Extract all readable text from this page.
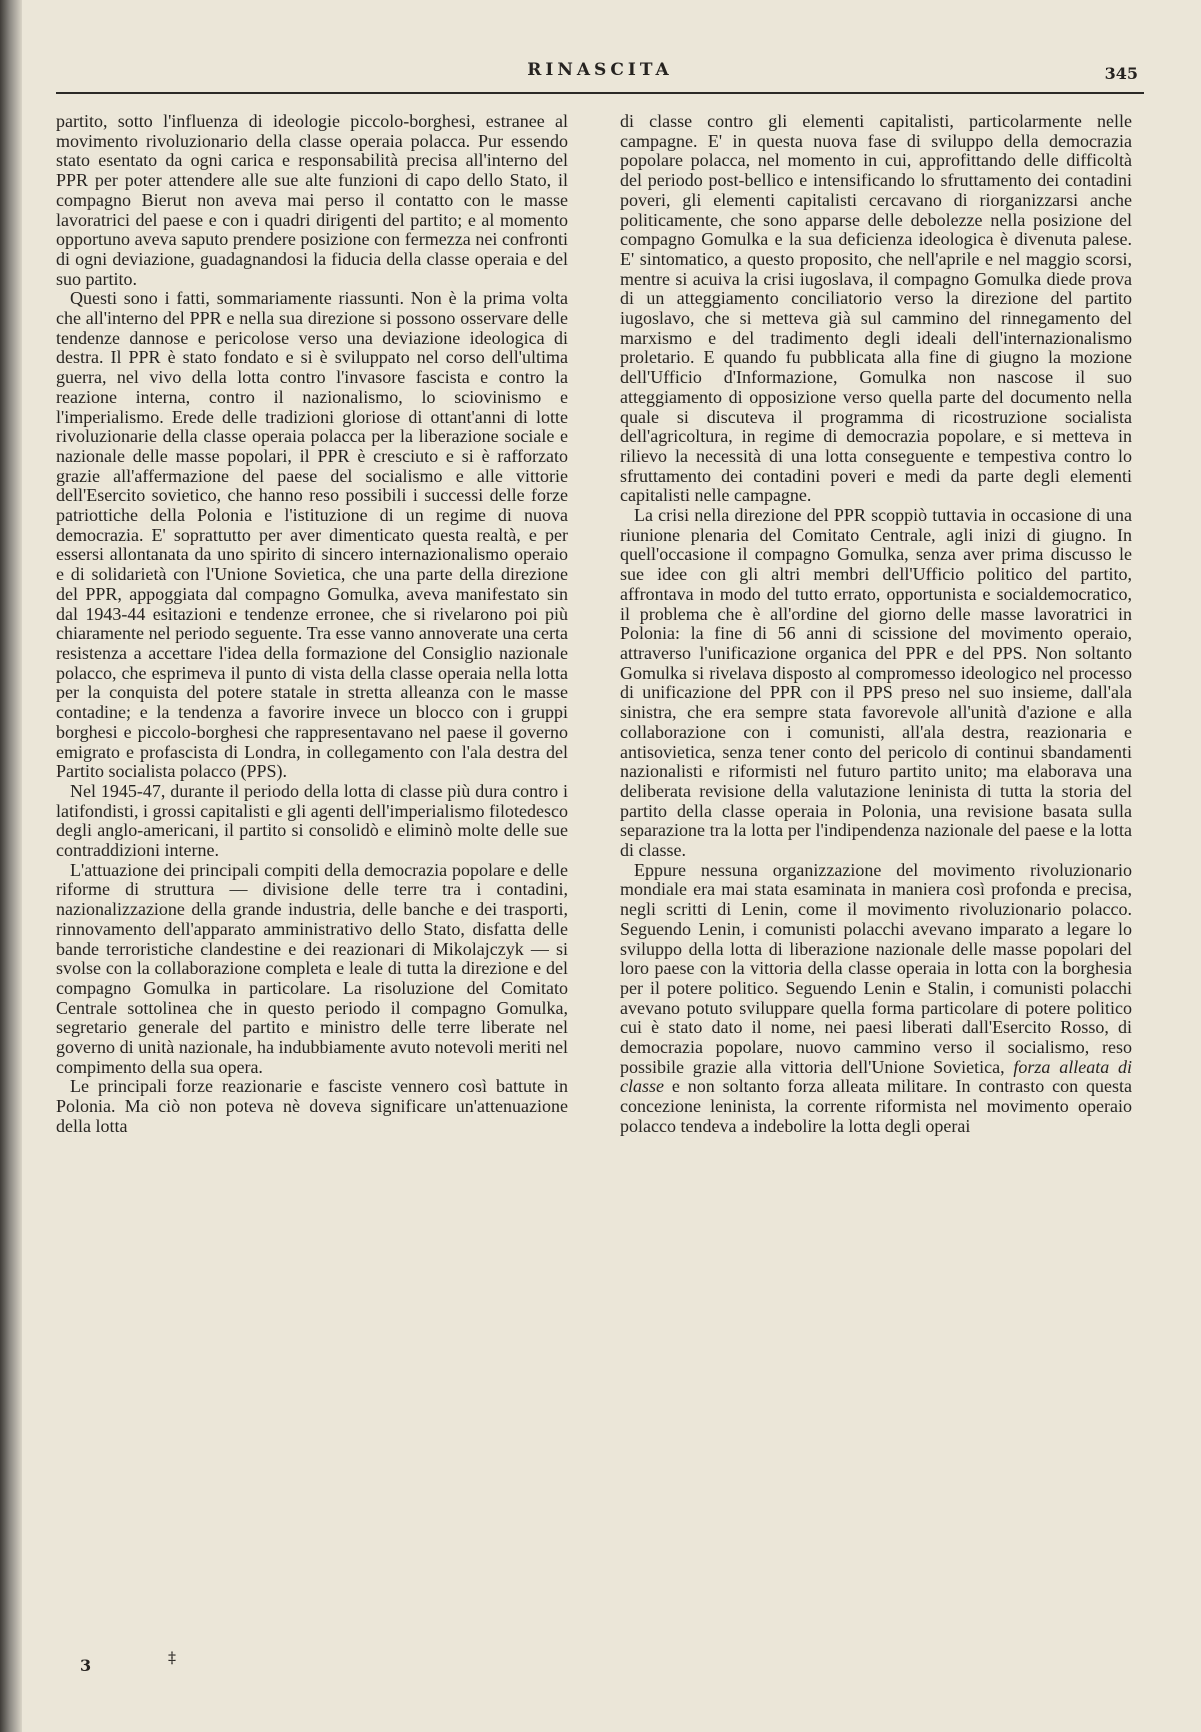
RINASCITA	345

partito, sotto l'influenza di ideologie piccolo-borghesi, estranee al movimento rivoluzionario della classe operaia polacca. Pur essendo stato esentato da ogni carica e responsabilità precisa all'interno del PPR per poter attendere alle sue alte funzioni di capo dello Stato, il compagno Bierut non aveva mai perso il contatto con le masse lavoratrici del paese e con i quadri dirigenti del partito; e al momento opportuno aveva saputo prendere posizione con fermezza nei confronti di ogni deviazione, guadagnandosi la fiducia della classe operaia e del suo partito.

Questi sono i fatti, sommariamente riassunti. Non è la prima volta che all'interno del PPR e nella sua direzione si possono osservare delle tendenze dannose e pericolose verso una deviazione ideologica di destra. Il PPR è stato fondato e si è sviluppato nel corso dell'ultima guerra, nel vivo della lotta contro l'invasore fascista e contro la reazione interna, contro il nazionalismo, lo sciovinismo e l'imperialismo. Erede delle tradizioni gloriose di ottant'anni di lotte rivoluzionarie della classe operaia polacca per la liberazione sociale e nazionale delle masse popolari, il PPR è cresciuto e si è rafforzato grazie all'affermazione del paese del socialismo e alle vittorie dell'Esercito sovietico, che hanno reso possibili i successi delle forze patriottiche della Polonia e l'istituzione di un regime di nuova democrazia. E' soprattutto per aver dimenticato questa realtà, e per essersi allontanata da uno spirito di sincero internazionalismo operaio e di solidarietà con l'Unione Sovietica, che una parte della direzione del PPR, appoggiata dal compagno Gomulka, aveva manifestato sin dal 1943-44 esitazioni e tendenze erronee, che si rivelarono poi più chiaramente nel periodo seguente. Tra esse vanno annoverate una certa resistenza a accettare l'idea della formazione del Consiglio nazionale polacco, che esprimeva il punto di vista della classe operaia nella lotta per la conquista del potere statale in stretta alleanza con le masse contadine; e la tendenza a favorire invece un blocco con i gruppi borghesi e piccolo-borghesi che rappresentavano nel paese il governo emigrato e profascista di Londra, in collegamento con l'ala destra del Partito socialista polacco (PPS).

Nel 1945-47, durante il periodo della lotta di classe più dura contro i latifondisti, i grossi capitalisti e gli agenti dell'imperialismo filotedesco degli anglo-americani, il partito si consolidò e eliminò molte delle sue contraddizioni interne.

L'attuazione dei principali compiti della democrazia popolare e delle riforme di struttura — divisione delle terre tra i contadini, nazionalizzazione della grande industria, delle banche e dei trasporti, rinnovamento dell'apparato amministrativo dello Stato, disfatta delle bande terroristiche clandestine e dei reazionari di Mikolajczyk — si svolse con la collaborazione completa e leale di tutta la direzione e del compagno Gomulka in particolare. La risoluzione del Comitato Centrale sottolinea che in questo periodo il compagno Gomulka, segretario generale del partito e ministro delle terre liberate nel governo di unità nazionale, ha indubbiamente avuto notevoli meriti nel compimento della sua opera.

Le principali forze reazionarie e fasciste vennero così battute in Polonia. Ma ciò non poteva nè doveva significare un'attenuazione della lotta

di classe contro gli elementi capitalisti, particolarmente nelle campagne. E' in questa nuova fase di sviluppo della democrazia popolare polacca, nel momento in cui, approfittando delle difficoltà del periodo post-bellico e intensificando lo sfruttamento dei contadini poveri, gli elementi capitalisti cercavano di riorganizzarsi anche politicamente, che sono apparse delle debolezze nella posizione del compagno Gomulka e la sua deficienza ideologica è divenuta palese. E' sintomatico, a questo proposito, che nell'aprile e nel maggio scorsi, mentre si acuiva la crisi iugoslava, il compagno Gomulka diede prova di un atteggiamento conciliatorio verso la direzione del partito iugoslavo, che si metteva già sul cammino del rinnegamento del marxismo e del tradimento degli ideali dell'internazionalismo proletario. E quando fu pubblicata alla fine di giugno la mozione dell'Ufficio d'Informazione, Gomulka non nascose il suo atteggiamento di opposizione verso quella parte del documento nella quale si discuteva il programma di ricostruzione socialista dell'agricoltura, in regime di democrazia popolare, e si metteva in rilievo la necessità di una lotta conseguente e tempestiva contro lo sfruttamento dei contadini poveri e medi da parte degli elementi capitalisti nelle campagne.

La crisi nella direzione del PPR scoppiò tuttavia in occasione di una riunione plenaria del Comitato Centrale, agli inizi di giugno. In quell'occasione il compagno Gomulka, senza aver prima discusso le sue idee con gli altri membri dell'Ufficio politico del partito, affrontava in modo del tutto errato, opportunista e socialdemocratico, il problema che è all'ordine del giorno delle masse lavoratrici in Polonia: la fine di 56 anni di scissione del movimento operaio, attraverso l'unificazione organica del PPR e del PPS. Non soltanto Gomulka si rivelava disposto al compromesso ideologico nel processo di unificazione del PPR con il PPS preso nel suo insieme, dall'ala sinistra, che era sempre stata favorevole all'unità d'azione e alla collaborazione con i comunisti, all'ala destra, reazionaria e antisovietica, senza tener conto del pericolo di continui sbandamenti nazionalisti e riformisti nel futuro partito unito; ma elaborava una deliberata revisione della valutazione leninista di tutta la storia del partito della classe operaia in Polonia, una revisione basata sulla separazione tra la lotta per l'indipendenza nazionale del paese e la lotta di classe.

Eppure nessuna organizzazione del movimento rivoluzionario mondiale era mai stata esaminata in maniera così profonda e precisa, negli scritti di Lenin, come il movimento rivoluzionario polacco. Seguendo Lenin, i comunisti polacchi avevano imparato a legare lo sviluppo della lotta di liberazione nazionale delle masse popolari del loro paese con la vittoria della classe operaia in lotta con la borghesia per il potere politico. Seguendo Lenin e Stalin, i comunisti polacchi avevano potuto sviluppare quella forma particolare di potere politico cui è stato dato il nome, nei paesi liberati dall'Esercito Rosso, di democrazia popolare, nuovo cammino verso il socialismo, reso possibile grazie alla vittoria dell'Unione Sovietica, forza alleata di classe e non soltanto forza alleata militare. In contrasto con questa concezione leninista, la corrente riformista nel movimento operaio polacco tendeva a indebolire la lotta degli operai

3	‡
